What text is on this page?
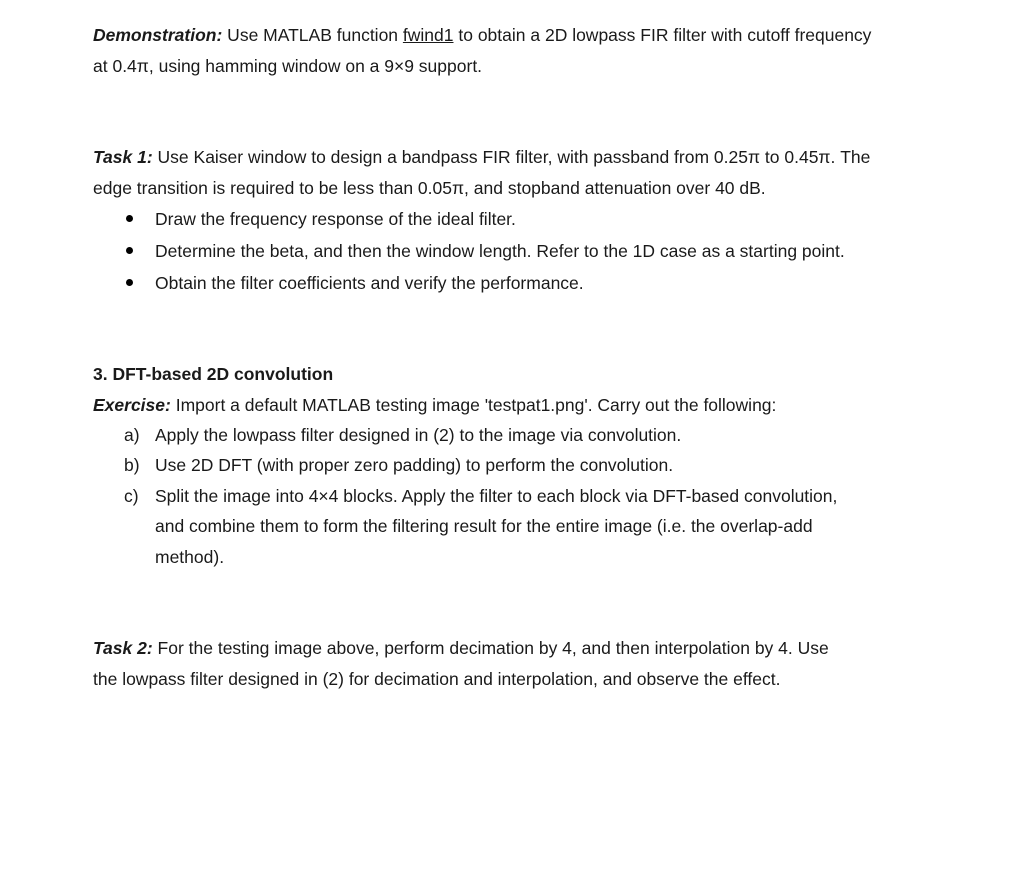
Demonstration: Use MATLAB function fwind1 to obtain a 2D lowpass FIR filter with cutoff frequency
at 0.4π, using hamming window on a 9×9 support.
Task 1: Use Kaiser window to design a bandpass FIR filter, with passband from 0.25π to 0.45π. The
edge transition is required to be less than 0.05π, and stopband attenuation over 40 dB.
Draw the frequency response of the ideal filter.
Determine the beta, and then the window length. Refer to the 1D case as a starting point.
Obtain the filter coefficients and verify the performance.
3. DFT-based 2D convolution
Exercise: Import a default MATLAB testing image 'testpat1.png'. Carry out the following:
a) Apply the lowpass filter designed in (2) to the image via convolution.
b) Use 2D DFT (with proper zero padding) to perform the convolution.
c) Split the image into 4×4 blocks. Apply the filter to each block via DFT-based convolution,
and combine them to form the filtering result for the entire image (i.e. the overlap-add
method).
Task 2: For the testing image above, perform decimation by 4, and then interpolation by 4. Use
the lowpass filter designed in (2) for decimation and interpolation, and observe the effect.
